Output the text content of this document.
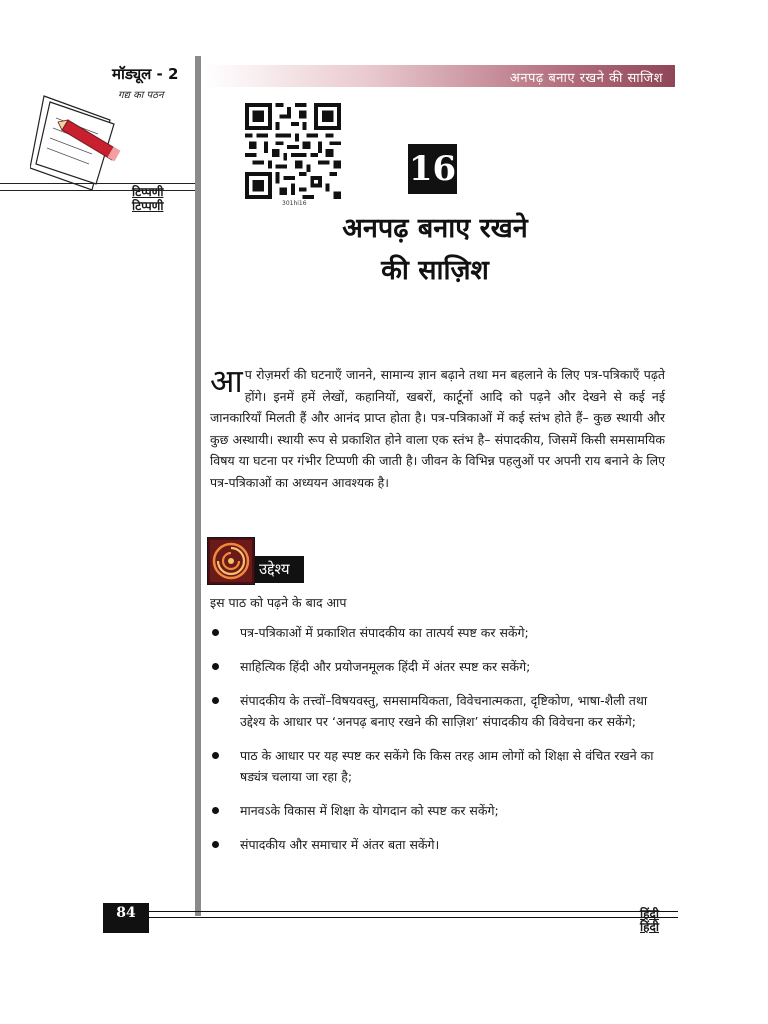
मॉड्यूल - 2
गद्य का पठन
टिप्पणी
टिप्पणी
अनपढ़ बनाए रखने की साजिश
301hi16
16
अनपढ़ बनाए रखने
की साज़िश
आप रोज़मर्रा की घटनाएँ जानने, सामान्य ज्ञान बढ़ाने तथा मन बहलाने के लिए पत्र-पत्रिकाएँ पढ़ते होंगे। इनमें हमें लेखों, कहानियों, खबरों, कार्टूनों आदि को पढ़ने और देखने से कई नई जानकारियाँ मिलती हैं और आनंद प्राप्त होता है। पत्र-पत्रिकाओं में कई स्तंभ होते हैं– कुछ स्थायी और कुछ अस्थायी। स्थायी रूप से प्रकाशित होने वाला एक स्तंभ है– संपादकीय, जिसमें किसी समसामयिक विषय या घटना पर गंभीर टिप्पणी की जाती है। जीवन के विभिन्न पहलुओं पर अपनी राय बनाने के लिए पत्र-पत्रिकाओं का अध्ययन आवश्यक है।
उद्देश्य
इस पाठ को पढ़ने के बाद आप
पत्र-पत्रिकाओं में प्रकाशित संपादकीय का तात्पर्य स्पष्ट कर सकेंगे;
साहित्यिक हिंदी और प्रयोजनमूलक हिंदी में अंतर स्पष्ट कर सकेंगे;
संपादकीय के तत्त्वों–विषयवस्तु, समसामयिकता, विवेचनात्मकता, दृष्टिकोण, भाषा-शैली तथा उद्देश्य के आधार पर ‘अनपढ़ बनाए रखने की साज़िश’ संपादकीय की विवेचना कर सकेंगे;
पाठ के आधार पर यह स्पष्ट कर सकेंगे कि किस तरह आम लोगों को शिक्षा से वंचित रखने का षड्यंत्र चलाया जा रहा है;
मानवऽके विकास में शिक्षा के योगदान को स्पष्ट कर सकेंगे;
संपादकीय और समाचार में अंतर बता सकेंगे।
84	हिंदी
हिंदी
